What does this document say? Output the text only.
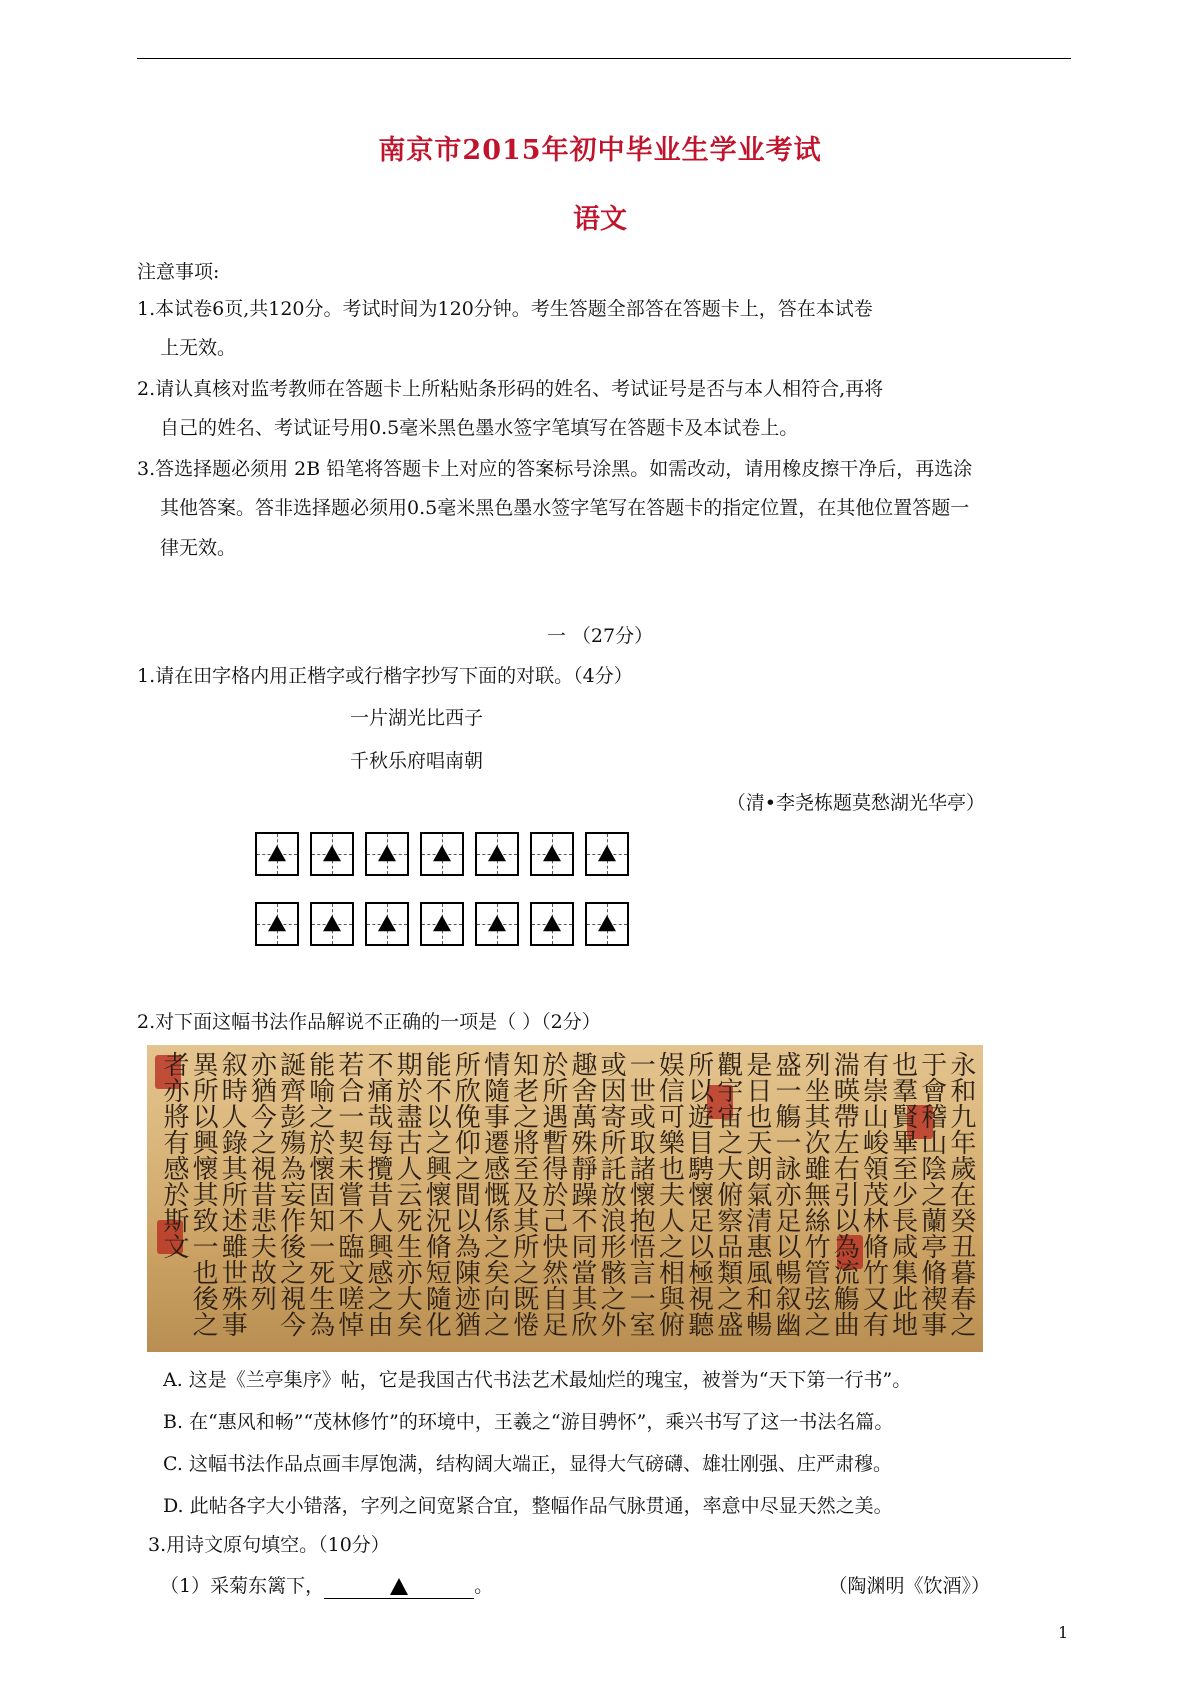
南京市2015年初中毕业生学业考试
语文
注意事项:
1.本试卷6页,共120分。考试时间为120分钟。考生答题全部答在答题卡上，答在本试卷
上无效。
2.请认真核对监考教师在答题卡上所粘贴条形码的姓名、考试证号是否与本人相符合,再将
自己的姓名、考试证号用0.5毫米黑色墨水签字笔填写在答题卡及本试卷上。
3.答选择题必须用 2B 铅笔将答题卡上对应的答案标号涂黑。如需改动，请用橡皮擦干净后，再选涂
其他答案。答非选择题必须用0.5毫米黑色墨水签字笔写在答题卡的指定位置，在其他位置答题一
律无效。
一 （27分）
1.请在田字格内用正楷字或行楷字抄写下面的对联。（4分）
一片湖光比西子
千秋乐府唱南朝
（清•李尧栋题莫愁湖光华亭）
2.对下面这幅书法作品解说不正确的一项是（ ）（2分）
永和九年歲在癸丑暮春之
于會稽山陰之蘭亭脩禊事
也羣賢畢至少長咸集此地
有崇山峻領茂林脩竹又有
湍暎帶左右引以為流觴曲
列坐其次雖無絲竹管弦之
盛一觴一詠亦足以暢叙幽
是日也天朗氣清惠風和暢
觀宇宙之大俯察品類之盛
所以遊目騁懷足以極視聽
娱信可樂也夫人之相與俯
一世或取諸懷抱悟言一室
或因寄所託放浪形骸之外
趣舍萬殊靜躁不同當其欣
於所遇暫得於己快然自足
知老之將至及其所之既惓
情隨事遷感慨係之矣向之
所欣俛仰之間以為陳迹猶
能不以之興懷況脩短隨化
期於盡古人云死生亦大矣
不痛哉每攬昔人興感之由
若合一契未嘗不臨文嗟悼
能喻之於懷固知一死生為
誕齊彭殤為妄作後之視今
亦猶今之視昔悲夫故列
叙時人錄其所述雖世殊事
異所以興懷其致一也後之
者亦將有感於斯文
A. 这是《兰亭集序》帖，它是我国古代书法艺术最灿烂的瑰宝，被誉为“天下第一行书”。
B. 在“惠风和畅”“茂林修竹”的环境中，王羲之“游目骋怀”，乘兴书写了这一书法名篇。
C. 这幅书法作品点画丰厚饱满，结构阔大端正，显得大气磅礴、雄壮刚强、庄严肃穆。
D. 此帖各字大小错落，字列之间宽紧合宜，整幅作品气脉贯通，率意中尽显天然之美。
3.用诗文原句填空。（10分）
（1）采菊东篱下，	。	（陶渊明《饮酒》）
1
